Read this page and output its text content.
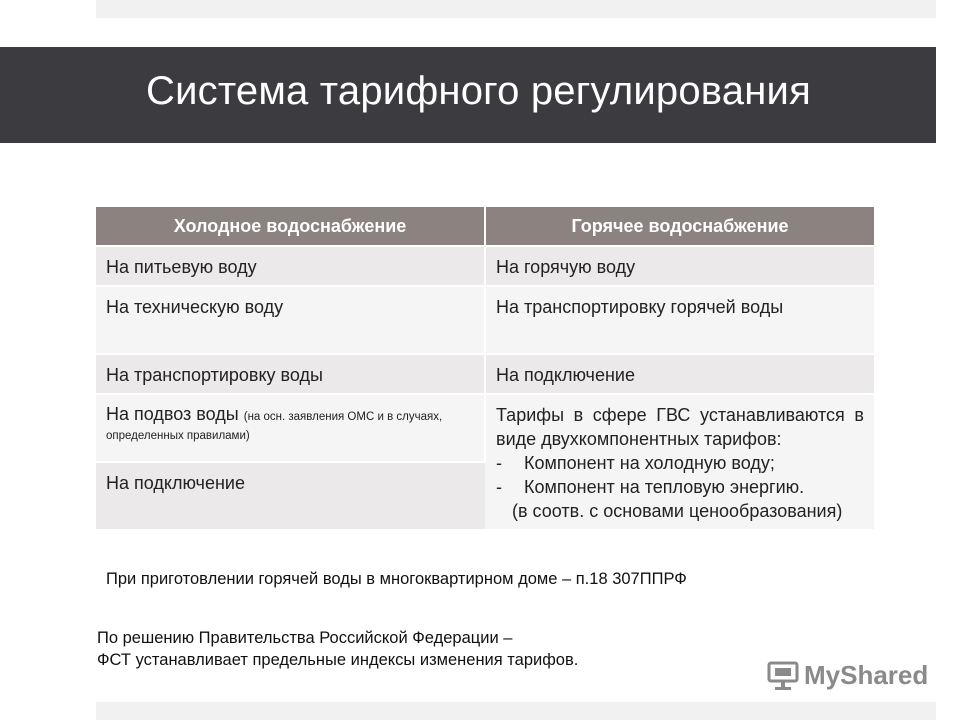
Система тарифного регулирования
Холодное водоснабжение	Горячее водоснабжение
На питьевую воду	На горячую воду
На техническую воду	На транспортировку горячей воды

На транспортировку воды	На подключение
На подвоз воды (на осн. заявления ОМС и в случаях, определенных правилами)	Тарифы в сфере ГВС устанавливаются в виде двухкомпонентных тарифов:
- Компонент на холодную воду;
- Компонент на тепловую энергию.
(в соотв. с основами ценообразования)

На подключение	
При приготовлении горячей воды в многоквартирном доме – п.18 307ППРФ
По решению Правительства Российской Федерации –
ФСТ устанавливает предельные индексы изменения тарифов.	MyShared
